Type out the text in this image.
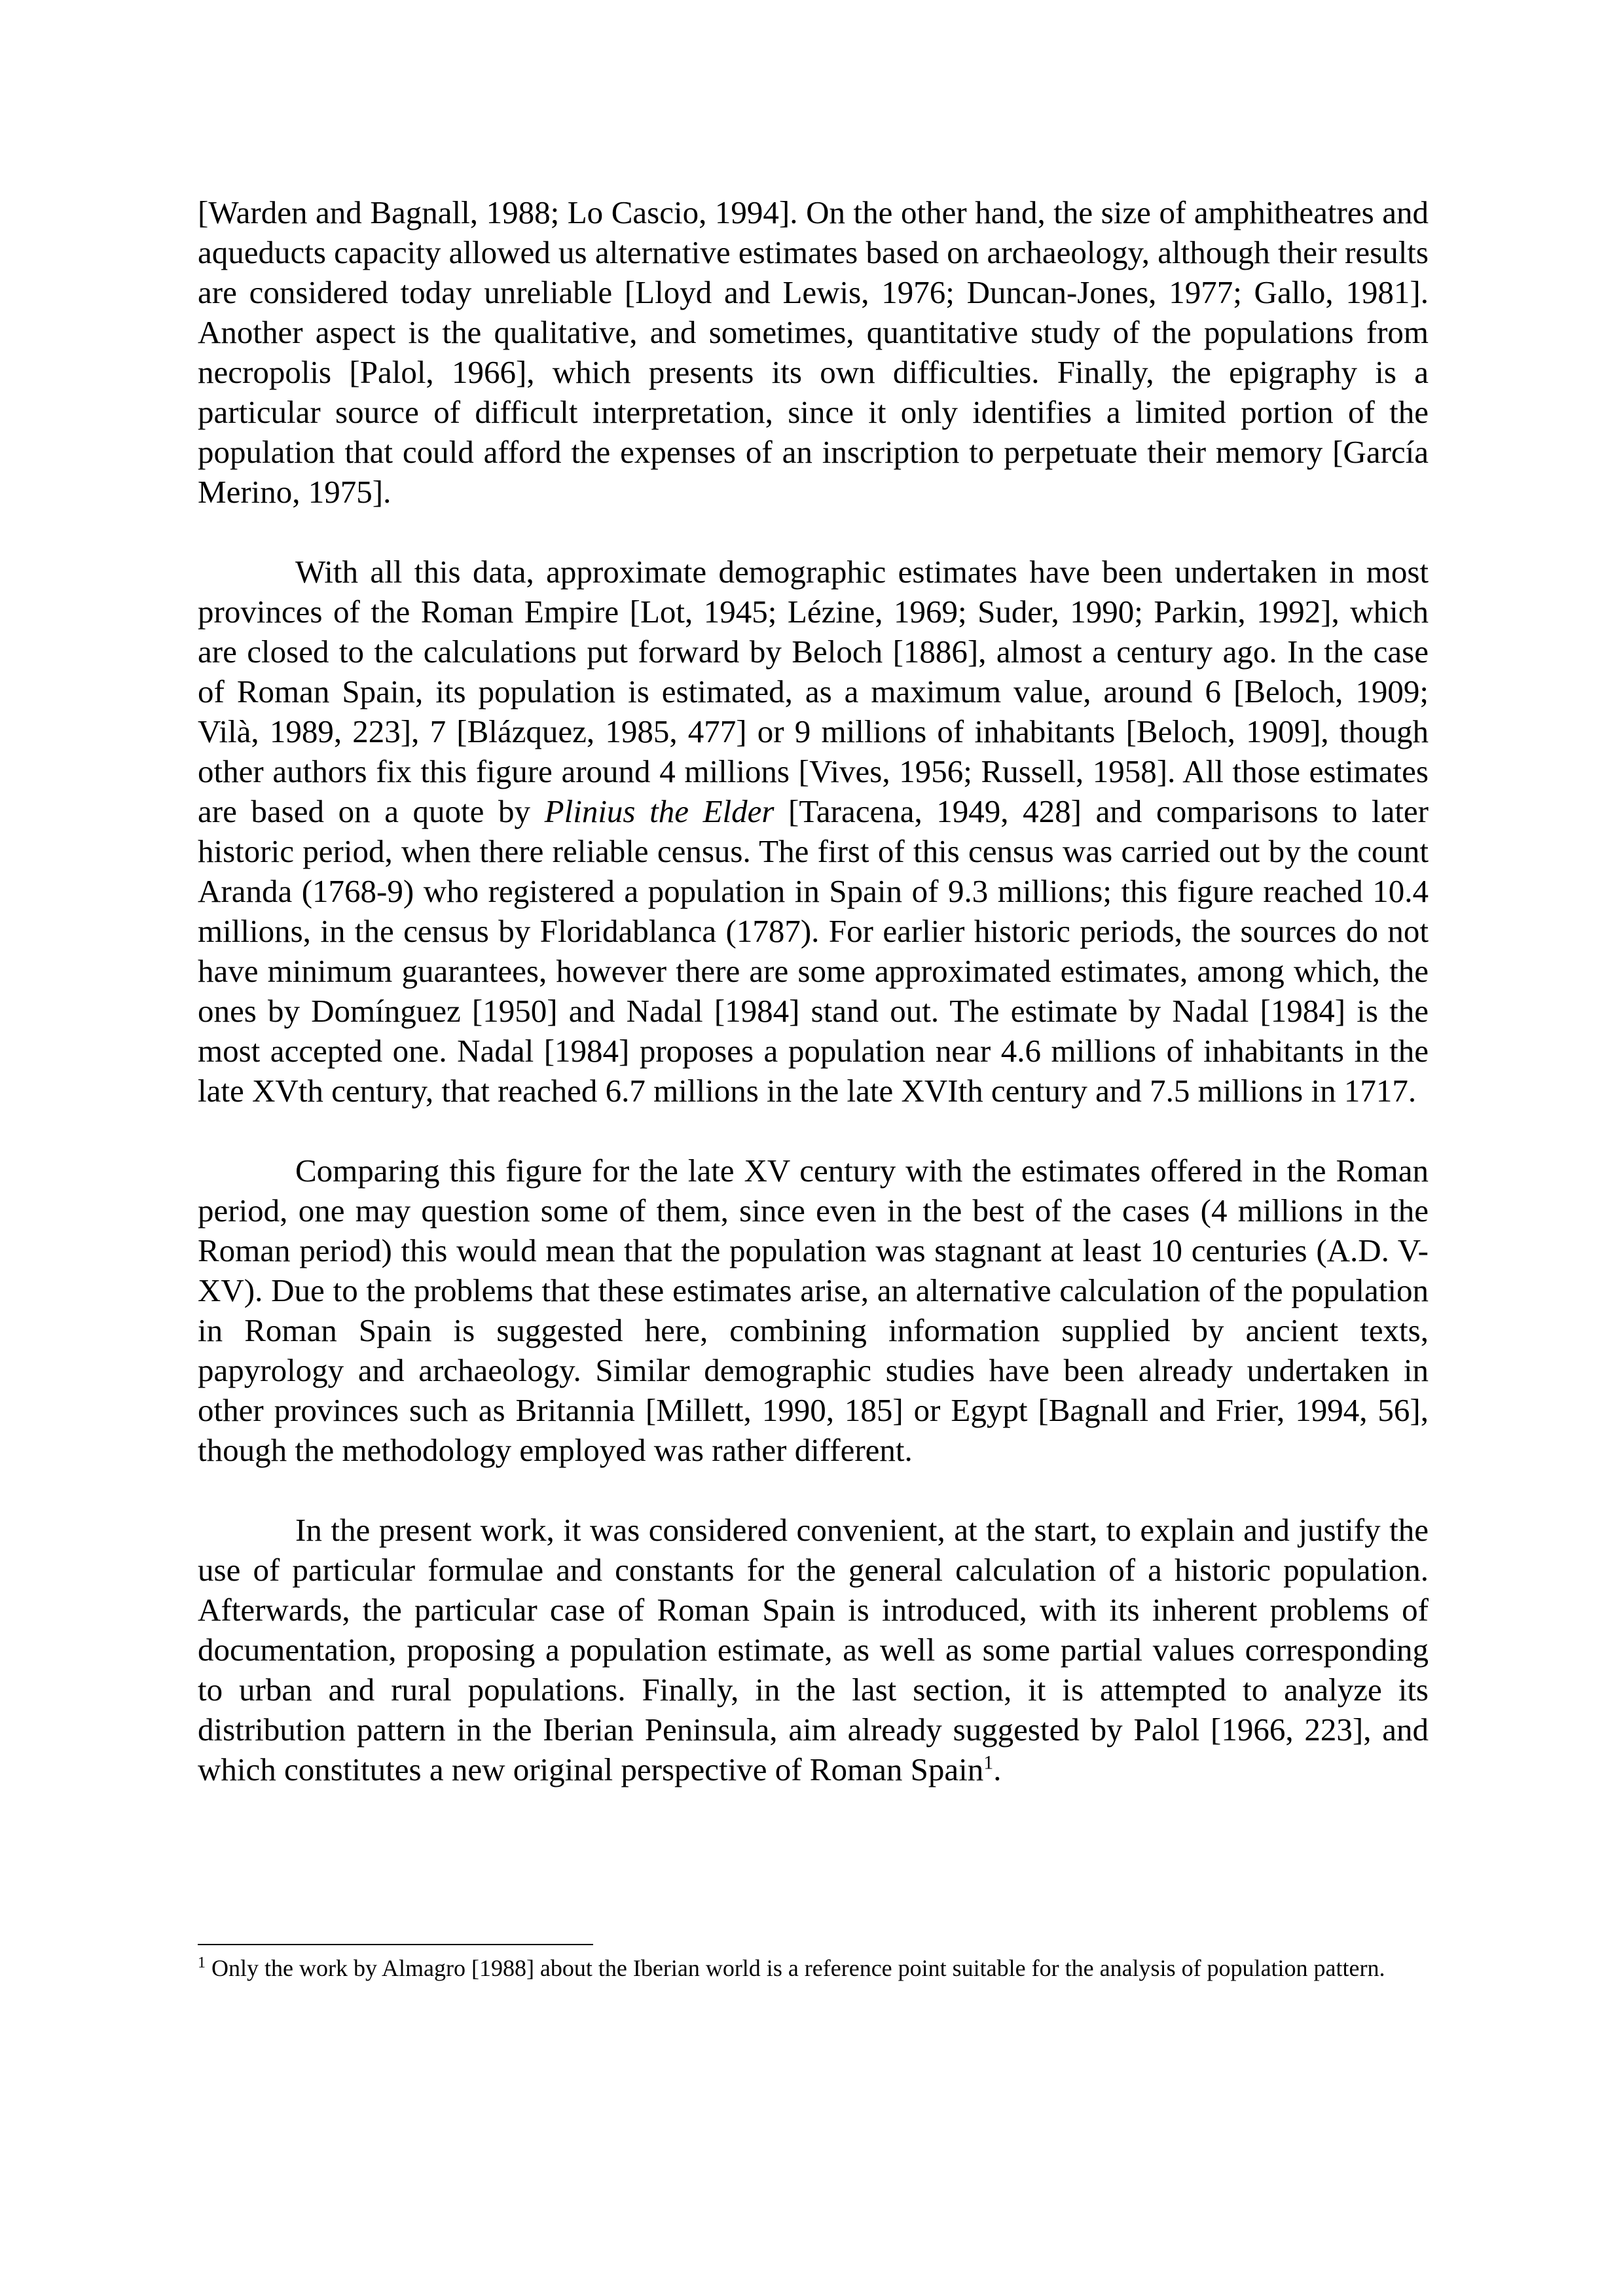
[Warden and Bagnall, 1988; Lo Cascio, 1994]. On the other hand, the size of amphitheatres and aqueducts capacity allowed us alternative estimates based on archaeology, although their results are considered today unreliable [Lloyd and Lewis, 1976; Duncan-Jones, 1977; Gallo, 1981]. Another aspect is the qualitative, and sometimes, quantitative study of the populations from necropolis [Palol, 1966], which presents its own difficulties. Finally, the epigraphy is a particular source of difficult interpretation, since it only identifies a limited portion of the population that could afford the expenses of an inscription to perpetuate their memory [García Merino, 1975].

With all this data, approximate demographic estimates have been undertaken in most provinces of the Roman Empire [Lot, 1945; Lézine, 1969; Suder, 1990; Parkin, 1992], which are closed to the calculations put forward by Beloch [1886], almost a century ago. In the case of Roman Spain, its population is estimated, as a maximum value, around 6 [Beloch, 1909; Vilà, 1989, 223], 7 [Blázquez, 1985, 477] or 9 millions of inhabitants [Beloch, 1909], though other authors fix this figure around 4 millions [Vives, 1956; Russell, 1958]. All those estimates are based on a quote by Plinius the Elder [Taracena, 1949, 428] and comparisons to later historic period, when there reliable census. The first of this census was carried out by the count Aranda (1768-9) who registered a population in Spain of 9.3 millions; this figure reached 10.4 millions, in the census by Floridablanca (1787). For earlier historic periods, the sources do not have minimum guarantees, however there are some approximated estimates, among which, the ones by Domínguez [1950] and Nadal [1984] stand out. The estimate by Nadal [1984] is the most accepted one. Nadal [1984] proposes a population near 4.6 millions of inhabitants in the late XVth century, that reached 6.7 millions in the late XVIth century and 7.5 millions in 1717.

Comparing this figure for the late XV century with the estimates offered in the Roman period, one may question some of them, since even in the best of the cases (4 millions in the Roman period) this would mean that the population was stagnant at least 10 centuries (A.D. V-XV). Due to the problems that these estimates arise, an alternative calculation of the population in Roman Spain is suggested here, combining information supplied by ancient texts, papyrology and archaeology. Similar demographic studies have been already undertaken in other provinces such as Britannia [Millett, 1990, 185] or Egypt [Bagnall and Frier, 1994, 56], though the methodology employed was rather different.

In the present work, it was considered convenient, at the start, to explain and justify the use of particular formulae and constants for the general calculation of a historic population. Afterwards, the particular case of Roman Spain is introduced, with its inherent problems of documentation, proposing a population estimate, as well as some partial values corresponding to urban and rural populations. Finally, in the last section, it is attempted to analyze its distribution pattern in the Iberian Peninsula, aim already suggested by Palol [1966, 223], and which constitutes a new original perspective of Roman Spain$^1$.

$^1$ Only the work by Almagro [1988] about the Iberian world is a reference point suitable for the analysis of population pattern.
